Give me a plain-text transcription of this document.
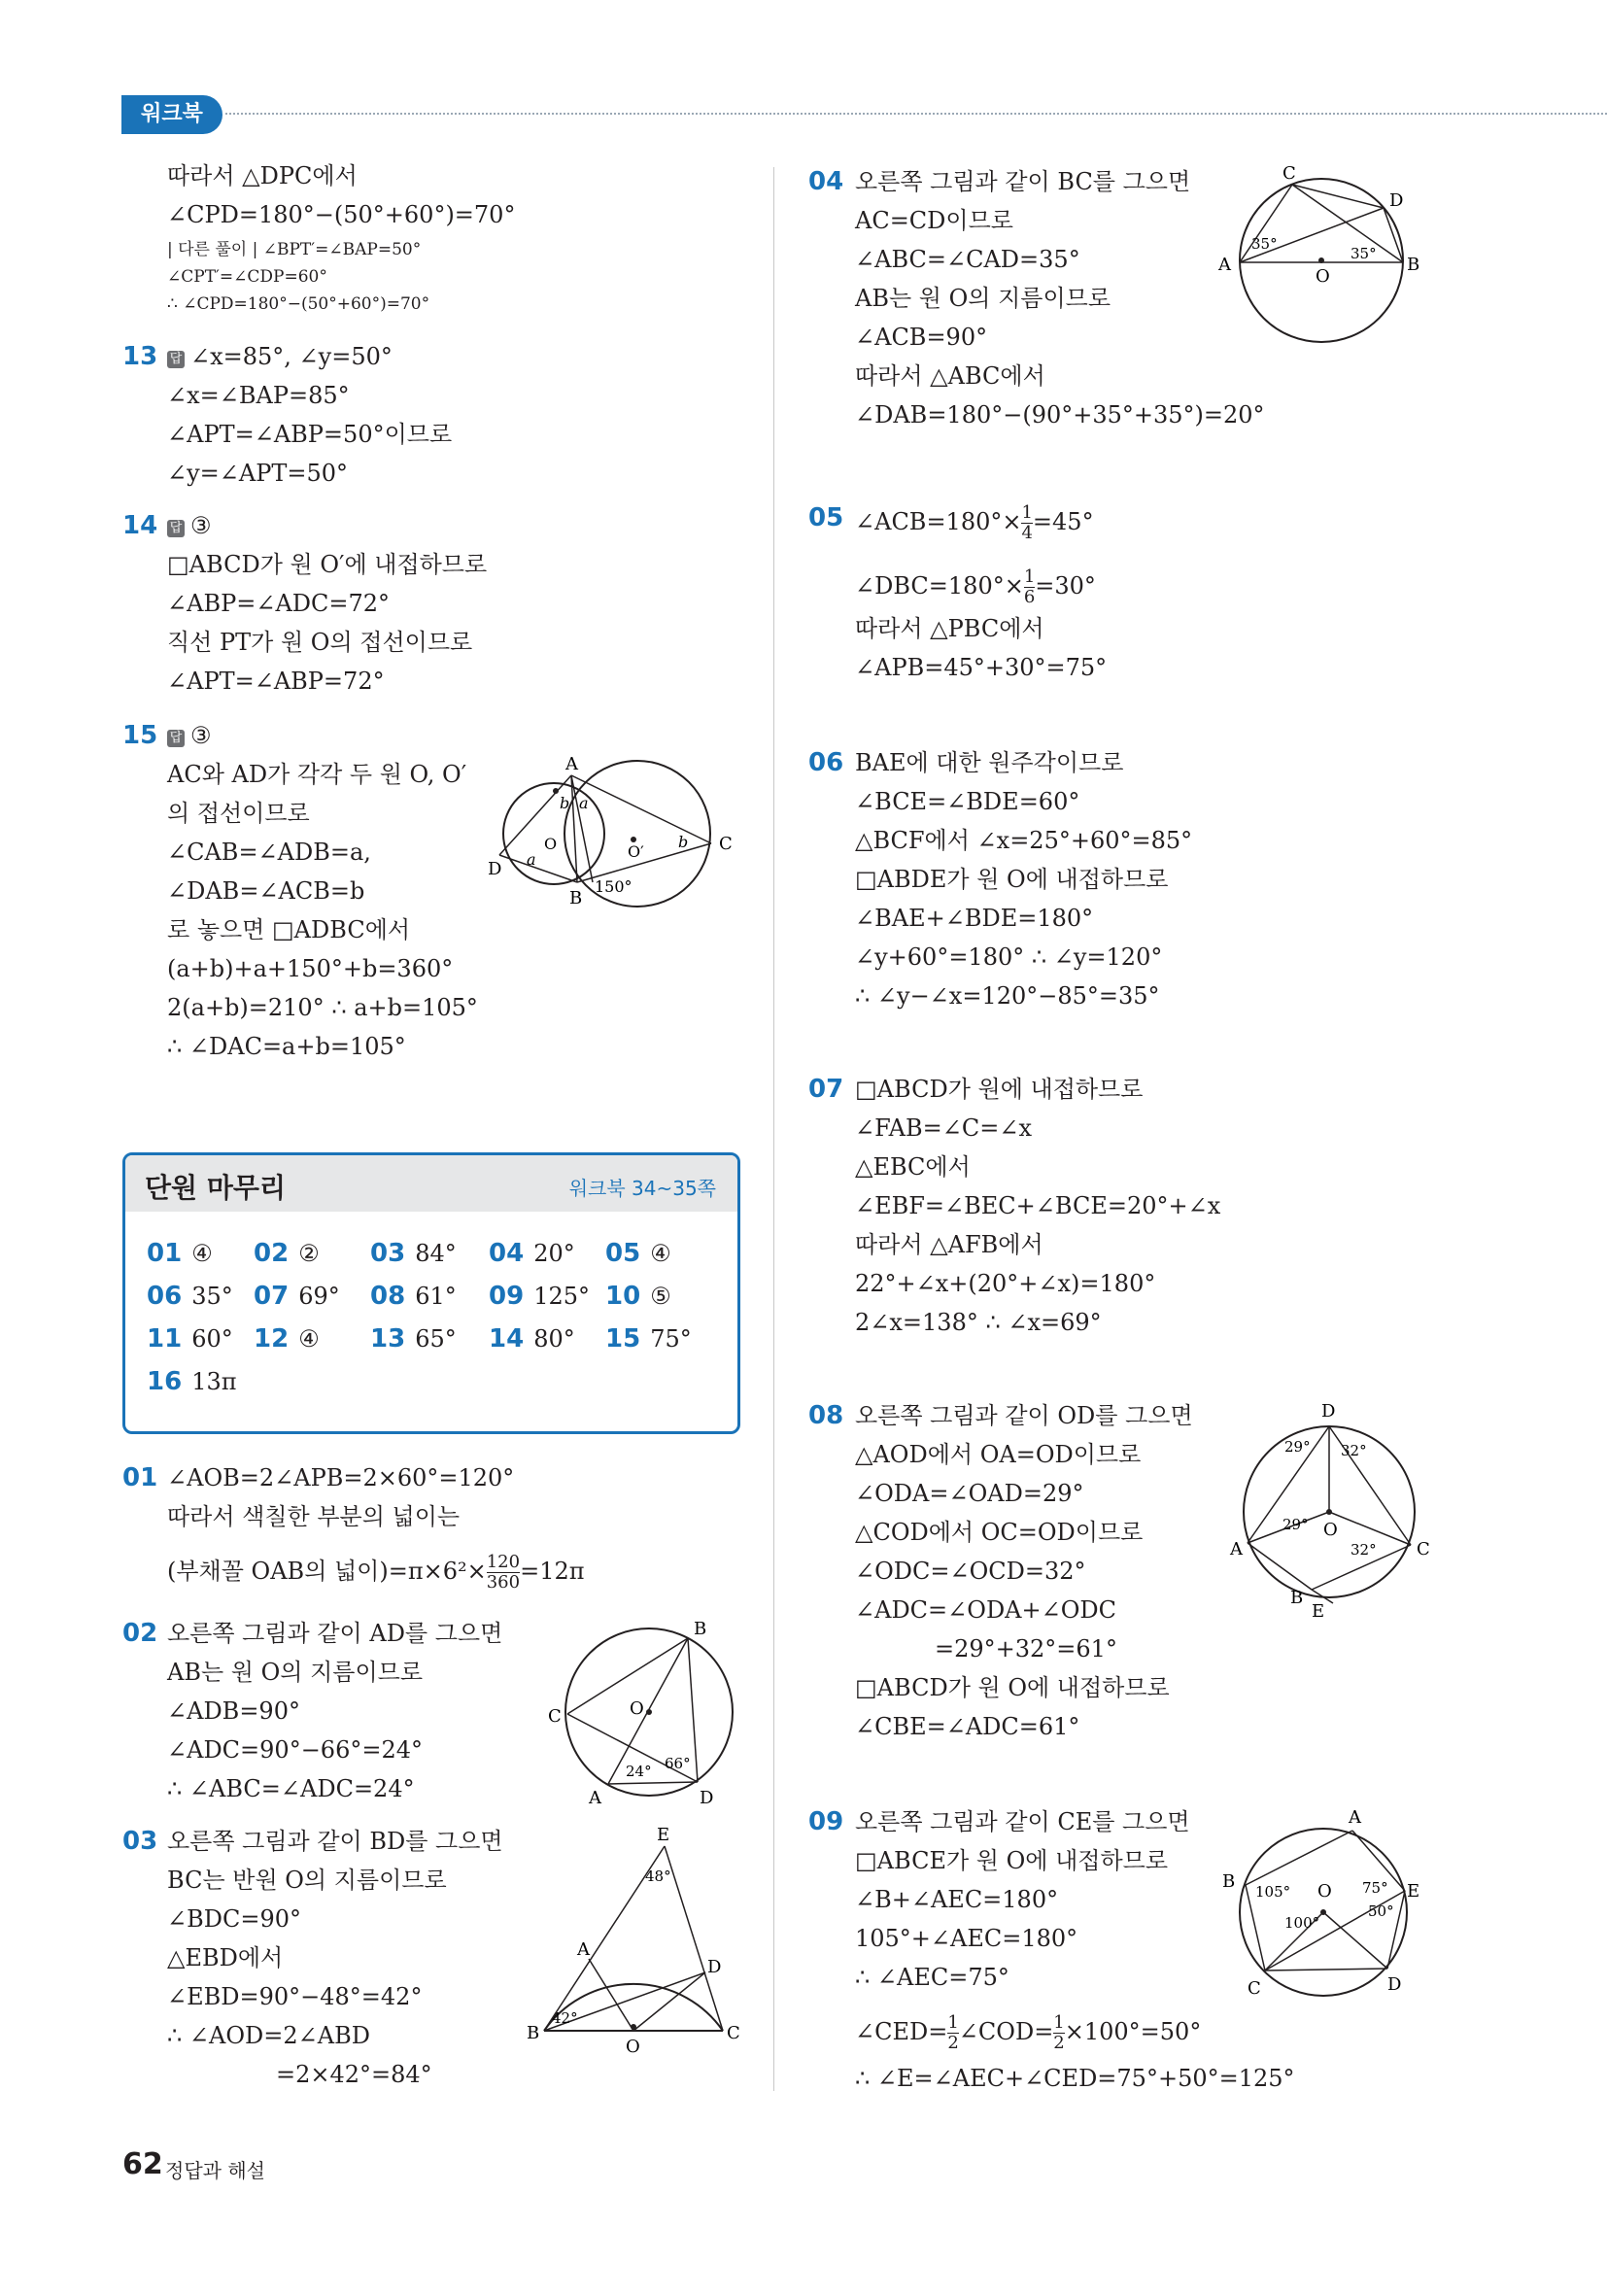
워크북
따라서 △DPC에서
∠CPD=180°−(50°+60°)=70°
| 다른 풀이 | ∠BPT′=∠BAP=50°
∠CPT′=∠CDP=60°
∴ ∠CPD=180°−(50°+60°)=70°
13 답 ∠x=85°, ∠y=50°
∠x=∠BAP=85°
∠APT=∠ABP=50°이므로
∠y=∠APT=50°
14 답 ③
□ABCD가 원 O′에 내접하므로
∠ABP=∠ADC=72°
직선 PT가 원 O의 접선이므로
∠APT=∠ABP=72°
15 답 ③
AC와 AD가 각각 두 원 O, O′
의 접선이므로
∠CAB=∠ADB=a,
∠DAB=∠ACB=b
로 놓으면 □ADBC에서
(a+b)+a+150°+b=360°
2(a+b)=210° ∴ a+b=105°
∴ ∠DAC=a+b=105°
A
b a
O	O′
b C
D a
B
150°
단원 마무리	워크북 34~35쪽
01 ④ 02 ② 03 84° 04 20° 05 ④
06 35° 07 69° 08 61° 09 125° 10 ⑤
11 60° 12 ④ 13 65° 14 80° 15 75°
16 13π
01 ∠AOB=2∠APB=2×60°=120°
따라서 색칠한 부분의 넓이는
(부채꼴 OAB의 넓이)$=\pi\times 6^2\times \frac{120}{360} =12\pi$
02 오른쪽 그림과 같이 AD를 그으면
AB는 원 O의 지름이므로
∠ADB=90°
∠ADC=90°−66°=24°
∴ ∠ABC=∠ADC=24°
B
O
C
66°
24°
A	D
03 오른쪽 그림과 같이 BD를 그으면
BC는 반원 O의 지름이므로
∠BDC=90°
△EBD에서
∠EBD=90°−48°=42°
∴ ∠AOD=2∠ABD
=2×42°=84°
E
48°
A
D
B
42°
O
C
04 오른쪽 그림과 같이 BC를 그으면
AC=CD이므로
∠ABC=∠CAD=35°
AB는 원 O의 지름이므로
∠ACB=90°
따라서 △ABC에서
∠DAB=180°−(90°+35°+35°)=20°
C
D
A
O
B
35°
35°
05 ∠ACB=180°× $\frac{1}{4} =45^\circ$
∠DBC=180°× $\frac{1}{6} =30^\circ$
따라서 △PBC에서
∠APB=45°+30°=75°
06 BAE에 대한 원주각이므로
∠BCE=∠BDE=60°
△BCF에서 ∠x=25°+60°=85°
□ABDE가 원 O에 내접하므로
∠BAE+∠BDE=180°
∠y+60°=180° ∴ ∠y=120°
∴ ∠y−∠x=120°−85°=35°
07 □ABCD가 원에 내접하므로
∠FAB=∠C=∠x
△EBC에서
∠EBF=∠BEC+∠BCE=20°+∠x
따라서 △AFB에서
22°+∠x+(20°+∠x)=180°
2∠x=138° ∴ ∠x=69°
08 오른쪽 그림과 같이 OD를 그으면
△AOD에서 OA=OD이므로
∠ODA=∠OAD=29°
△COD에서 OC=OD이므로
∠ODC=∠OCD=32°
∠ADC=∠ODA+∠ODC
=29°+32°=61°
□ABCD가 원 O에 내접하므로
∠CBE=∠ADC=61°
D
29° 32°
29° O
32°
A	C
B
E
09 오른쪽 그림과 같이 CE를 그으면
□ABCE가 원 O에 내접하므로
∠B+∠AEC=180°
105°+∠AEC=180°
∴ ∠AEC=75°
∠CED= $\frac{1}{2}$ ∠COD= $\frac{1}{2} \times 100^\circ=50^\circ$
∴ ∠E=∠AEC+∠CED=75°+50°=125°
A
B 105° O 75° E
100°
50°
C	D
62 정답과 해설
